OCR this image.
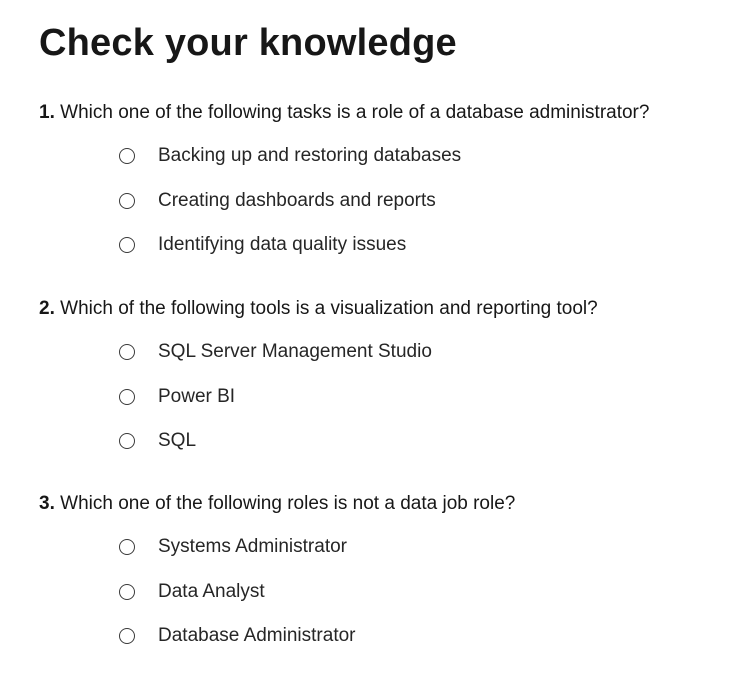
Check your knowledge
1. Which one of the following tasks is a role of a database administrator?
Backing up and restoring databases
Creating dashboards and reports
Identifying data quality issues
2. Which of the following tools is a visualization and reporting tool?
SQL Server Management Studio
Power BI
SQL
3. Which one of the following roles is not a data job role?
Systems Administrator
Data Analyst
Database Administrator
